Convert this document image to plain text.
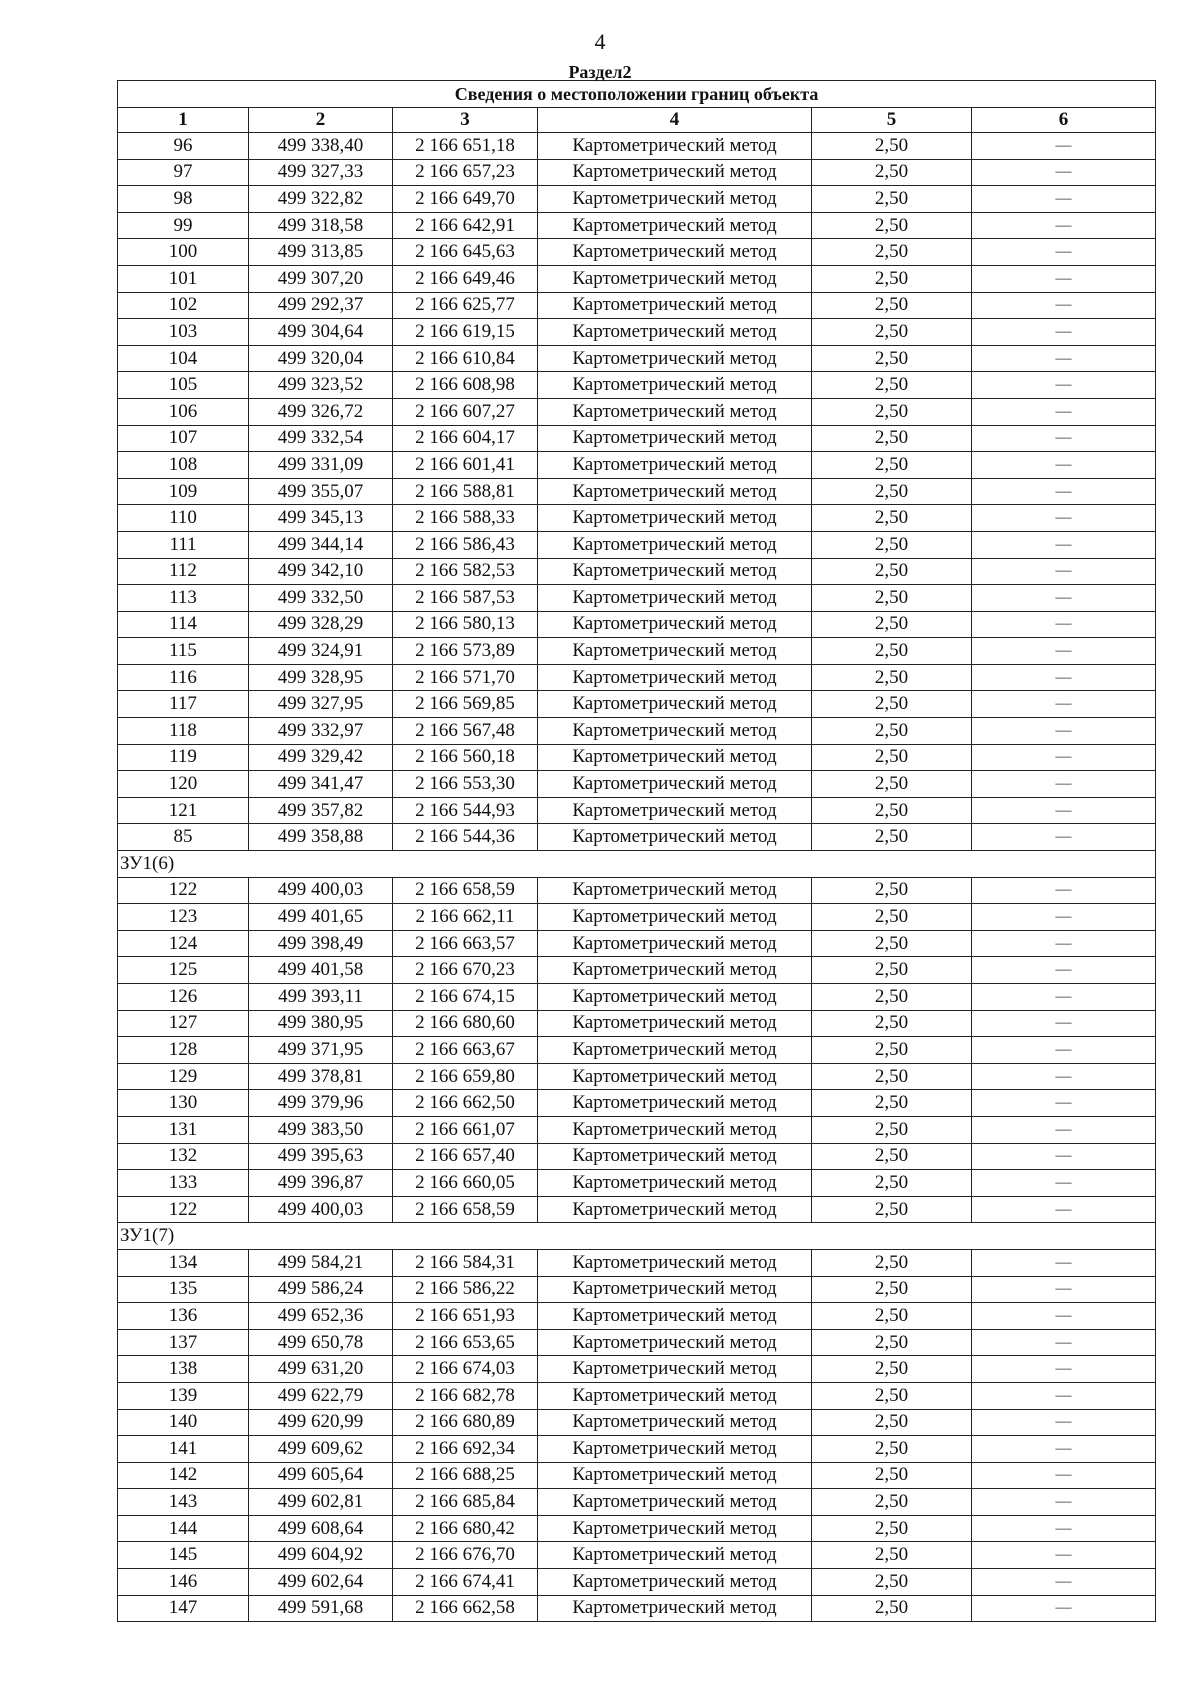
4
Раздел2
Сведения о местоположении границ объекта					
1	2	3	4	5	6
96	499 338,40	2 166 651,18	Картометрический метод	2,50	—
97	499 327,33	2 166 657,23	Картометрический метод	2,50	—
98	499 322,82	2 166 649,70	Картометрический метод	2,50	—
99	499 318,58	2 166 642,91	Картометрический метод	2,50	—
100	499 313,85	2 166 645,63	Картометрический метод	2,50	—
101	499 307,20	2 166 649,46	Картометрический метод	2,50	—
102	499 292,37	2 166 625,77	Картометрический метод	2,50	—
103	499 304,64	2 166 619,15	Картометрический метод	2,50	—
104	499 320,04	2 166 610,84	Картометрический метод	2,50	—
105	499 323,52	2 166 608,98	Картометрический метод	2,50	—
106	499 326,72	2 166 607,27	Картометрический метод	2,50	—
107	499 332,54	2 166 604,17	Картометрический метод	2,50	—
108	499 331,09	2 166 601,41	Картометрический метод	2,50	—
109	499 355,07	2 166 588,81	Картометрический метод	2,50	—
110	499 345,13	2 166 588,33	Картометрический метод	2,50	—
111	499 344,14	2 166 586,43	Картометрический метод	2,50	—
112	499 342,10	2 166 582,53	Картометрический метод	2,50	—
113	499 332,50	2 166 587,53	Картометрический метод	2,50	—
114	499 328,29	2 166 580,13	Картометрический метод	2,50	—
115	499 324,91	2 166 573,89	Картометрический метод	2,50	—
116	499 328,95	2 166 571,70	Картометрический метод	2,50	—
117	499 327,95	2 166 569,85	Картометрический метод	2,50	—
118	499 332,97	2 166 567,48	Картометрический метод	2,50	—
119	499 329,42	2 166 560,18	Картометрический метод	2,50	—
120	499 341,47	2 166 553,30	Картометрический метод	2,50	—
121	499 357,82	2 166 544,93	Картометрический метод	2,50	—
85	499 358,88	2 166 544,36	Картометрический метод	2,50	—
ЗУ1(6)					
122	499 400,03	2 166 658,59	Картометрический метод	2,50	—
123	499 401,65	2 166 662,11	Картометрический метод	2,50	—
124	499 398,49	2 166 663,57	Картометрический метод	2,50	—
125	499 401,58	2 166 670,23	Картометрический метод	2,50	—
126	499 393,11	2 166 674,15	Картометрический метод	2,50	—
127	499 380,95	2 166 680,60	Картометрический метод	2,50	—
128	499 371,95	2 166 663,67	Картометрический метод	2,50	—
129	499 378,81	2 166 659,80	Картометрический метод	2,50	—
130	499 379,96	2 166 662,50	Картометрический метод	2,50	—
131	499 383,50	2 166 661,07	Картометрический метод	2,50	—
132	499 395,63	2 166 657,40	Картометрический метод	2,50	—
133	499 396,87	2 166 660,05	Картометрический метод	2,50	—
122	499 400,03	2 166 658,59	Картометрический метод	2,50	—
ЗУ1(7)					
134	499 584,21	2 166 584,31	Картометрический метод	2,50	—
135	499 586,24	2 166 586,22	Картометрический метод	2,50	—
136	499 652,36	2 166 651,93	Картометрический метод	2,50	—
137	499 650,78	2 166 653,65	Картометрический метод	2,50	—
138	499 631,20	2 166 674,03	Картометрический метод	2,50	—
139	499 622,79	2 166 682,78	Картометрический метод	2,50	—
140	499 620,99	2 166 680,89	Картометрический метод	2,50	—
141	499 609,62	2 166 692,34	Картометрический метод	2,50	—
142	499 605,64	2 166 688,25	Картометрический метод	2,50	—
143	499 602,81	2 166 685,84	Картометрический метод	2,50	—
144	499 608,64	2 166 680,42	Картометрический метод	2,50	—
145	499 604,92	2 166 676,70	Картометрический метод	2,50	—
146	499 602,64	2 166 674,41	Картометрический метод	2,50	—
147	499 591,68	2 166 662,58	Картометрический метод	2,50	—
